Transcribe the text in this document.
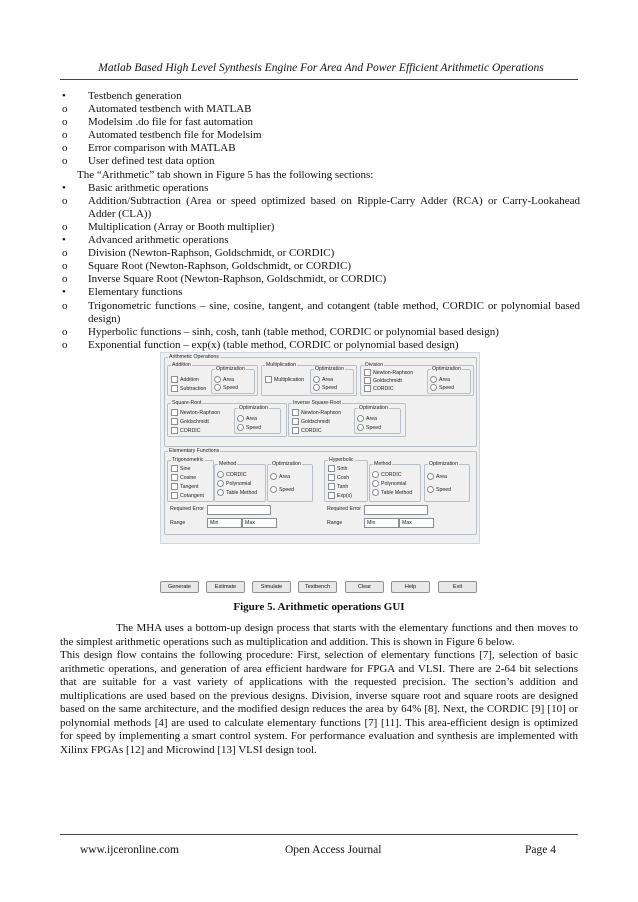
Matlab Based High Level Synthesis Engine For Area And Power Efficient Arithmetic Operations
•	Testbench generation
o	Automated testbench with MATLAB
o	Modelsim .do file for fast automation
o	Automated testbench file for Modelsim
o	Error comparison with MATLAB
o	User defined test data option
The “Arithmetic” tab shown in Figure 5 has the following sections:
•	Basic arithmetic operations
o	Addition/Subtraction (Area or speed optimized based on Ripple-Carry Adder (RCA) or Carry-Lookahead Adder (CLA))
o	Multiplication (Array or Booth multiplier)
•	Advanced arithmetic operations
o	Division (Newton-Raphson, Goldschmidt, or CORDIC)
o	Square Root (Newton-Raphson, Goldschmidt, or CORDIC)
o	Inverse Square Root (Newton-Raphson, Goldschmidt, or CORDIC)
•	Elementary functions
o	Trigonometric functions – sine, cosine, tangent, and cotangent (table method, CORDIC or polynomial based design)
o	Hyperbolic functions – sinh, cosh, tanh (table method, CORDIC or polynomial based design)
o	Exponential function – exp(x) (table method, CORDIC or polynomial based design)
Arithmetic Operations
Addition
Addition
Subtraction
Optimization
Area
Speed
Multiplication
Multiplication
Optimization
Area
Speed
Division
Newton-Raphson
Goldschmidt
CORDIC
Optimization
Area
Speed
Square-Root
Newton-Raphson
Goldschmidt
CORDIC
Optimization
Area
Speed
Inverse Square-Root
Newton-Raphson
Goldschmidt
CORDIC
Optimization
Area
Speed
Elementary Functions
Trigonometric
Sine
Cosine
Tangent
Cotangent
Method
CORDIC
Polynomial
Table Method
Optimization
Area
Speed
Required Error
Range	Min	Max
Hyperbolic
Sinh
Cosh
Tanh
Exp(x)
Method
CORDIC
Polynomial
Table Method
Optimization
Area
Speed
Required Error
Range	Min	Max
Generate	Estimate	Simulate	Testbench	Clear	Help	Exit
Figure 5. Arithmetic operations GUI

The MHA uses a bottom-up design process that starts with the elementary functions and then moves to the simplest arithmetic operations such as multiplication and addition. This is shown in Figure 6 below.

This design flow contains the following procedure: First, selection of elementary functions [7], selection of basic arithmetic operations, and generation of area efficient hardware for FPGA and VLSI. There are 2-64 bit selections that are suitable for a vast variety of applications with the requested precision. The section’s addition and multiplications are used based on the previous designs. Division, inverse square root and square roots are designed based on the same architecture, and the modified design reduces the area by 64% [8]. Next, the CORDIC [9] [10] or polynomial methods [4] are used to calculate elementary functions [7] [11]. This area-efficient design is optimized for speed by implementing a smart control system. For performance evaluation and synthesis are implemented with Xilinx FPGAs [12] and Microwind [13] VLSI design tool.

www.ijceronline.com	Open Access Journal	Page 4
